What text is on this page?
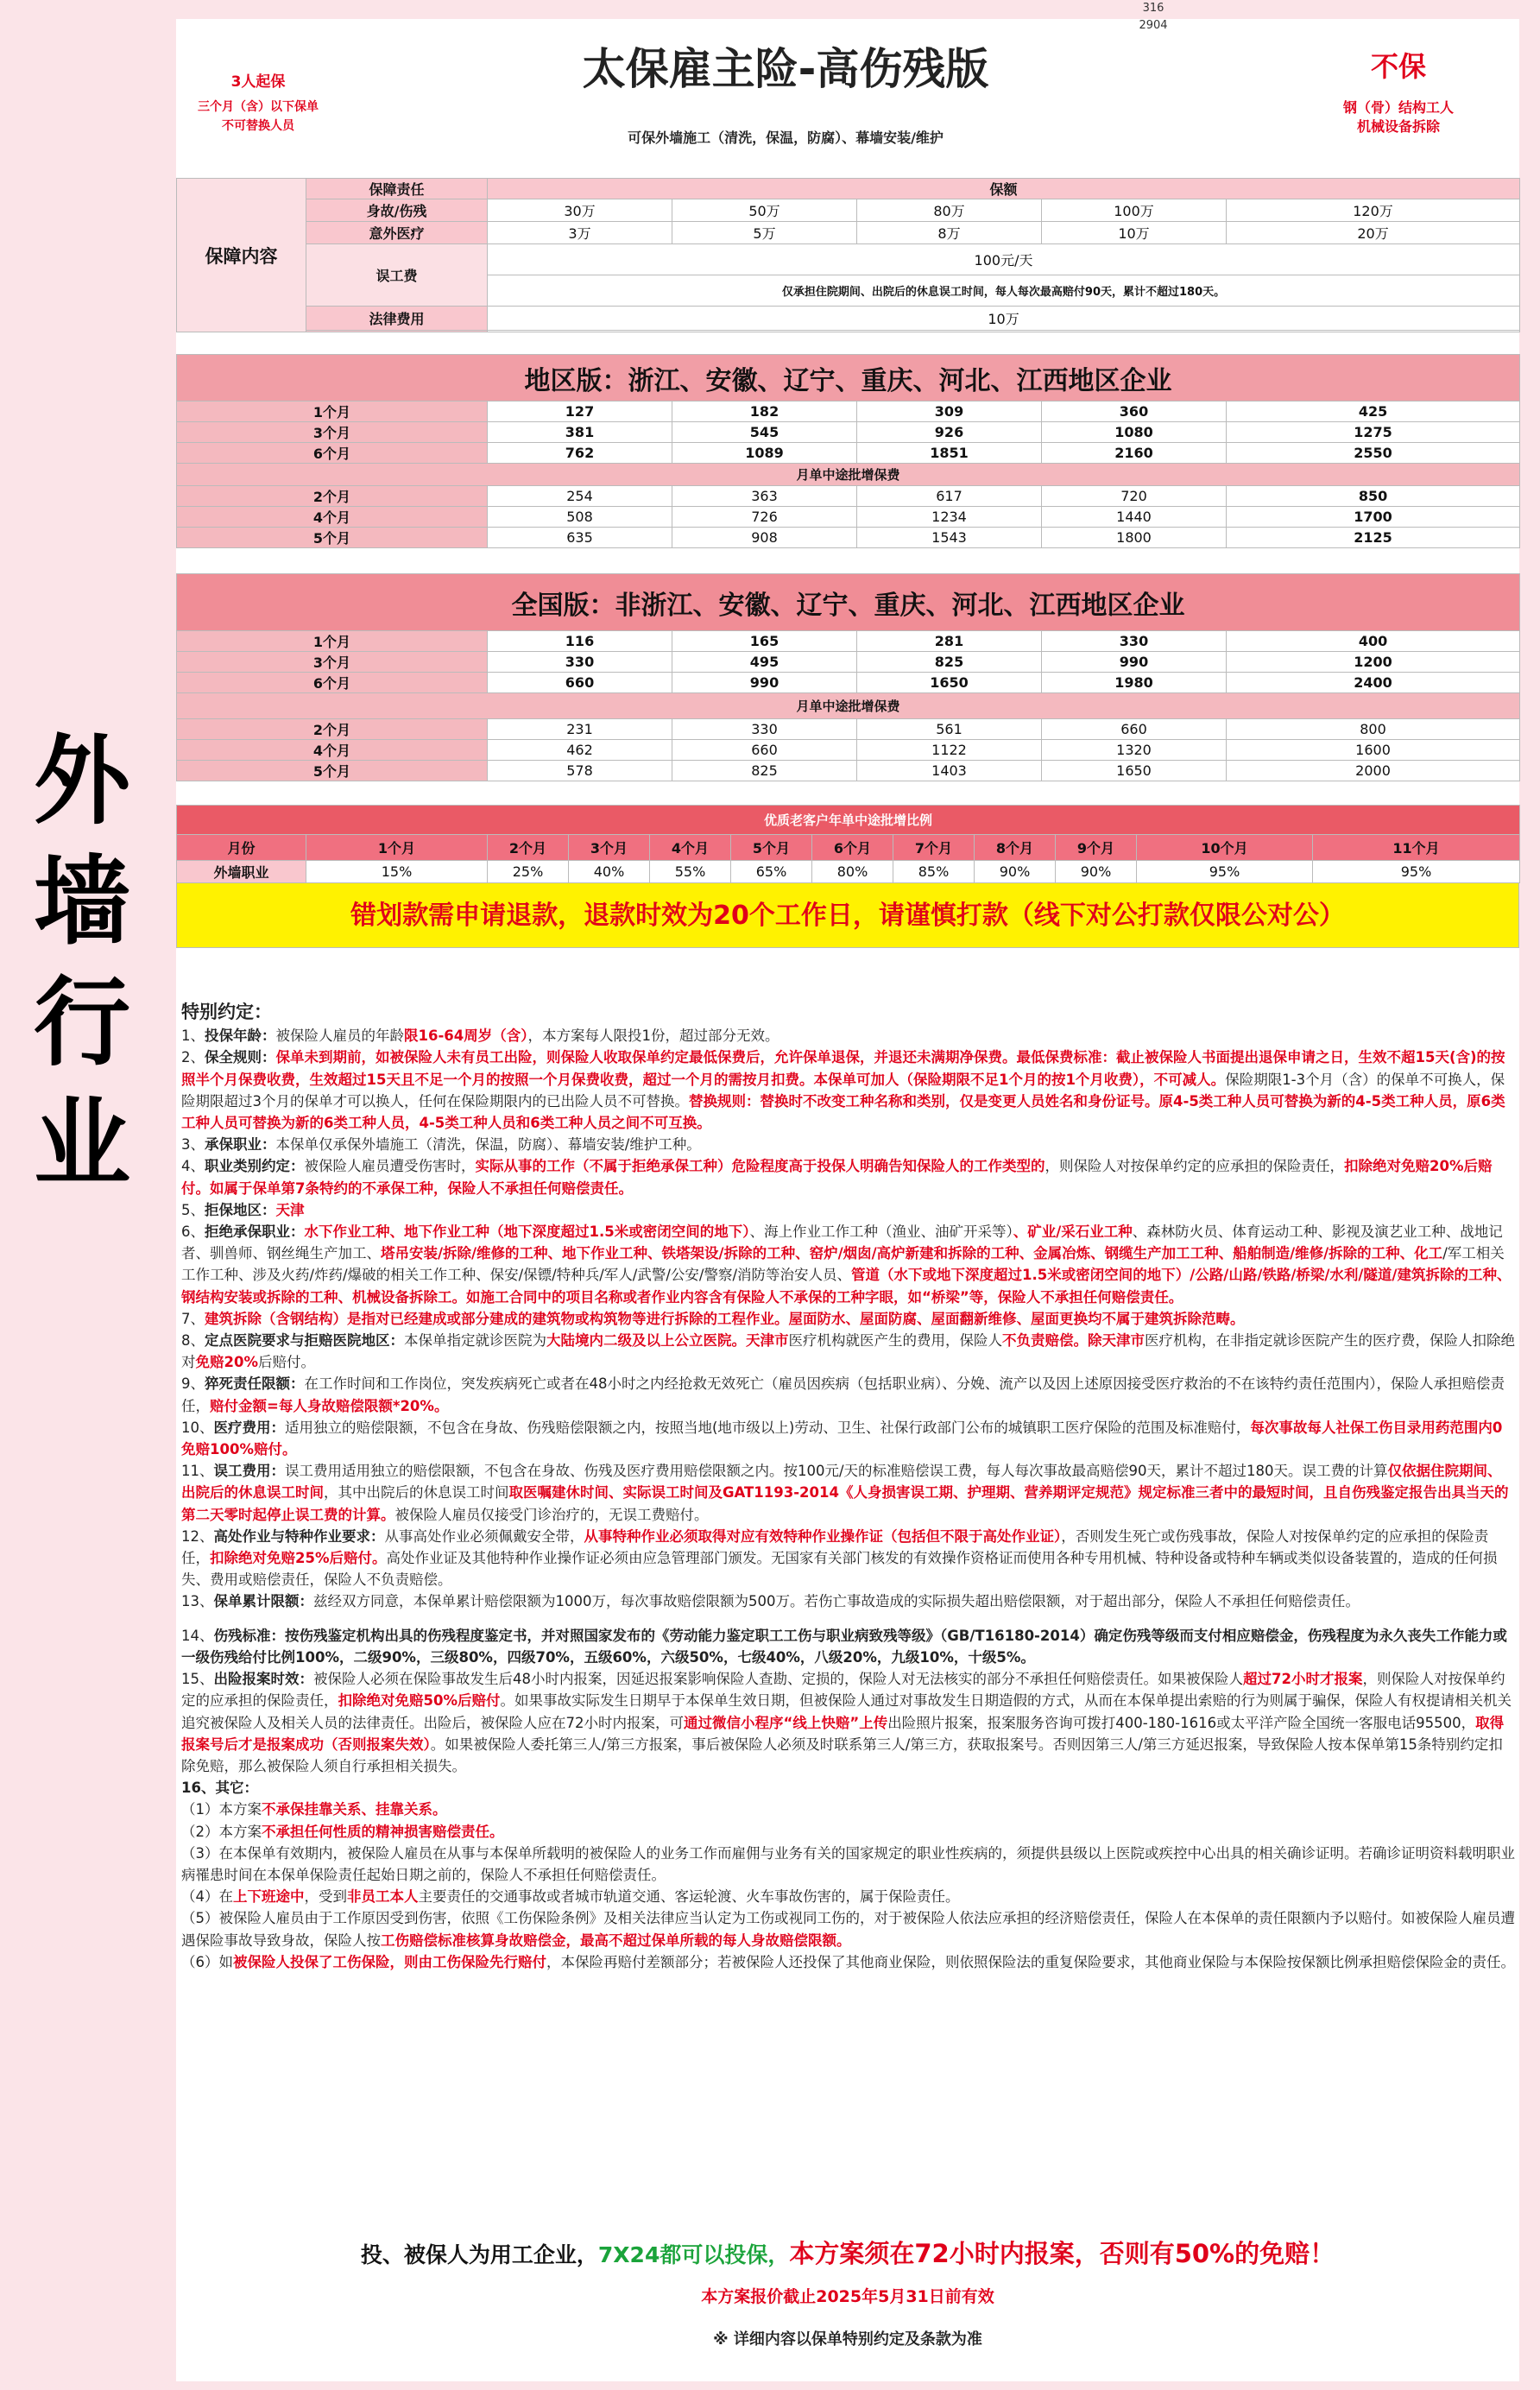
316
2904
3人起保
三个月（含）以下保单
不可替换人员
太保雇主险-高伤残版
可保外墙施工（清洗，保温，防腐）、幕墙安装/维护
不保
钢（骨）结构工人
机械设备拆除
外
墙
行
业
保障内容	保障责任	保额				
	身故/伤残	30万	50万	80万	100万	120万
	意外医疗	3万	5万	8万	10万	20万
	误工费	100元/天				
		仅承担住院期间、出院后的休息误工时间，每人每次最高赔付90天，累计不超过180天。				
	法律费用	10万				

地区版：浙江、安徽、辽宁、重庆、河北、江西地区企业					
1个月	127	182	309	360	425
3个月	381	545	926	1080	1275
6个月	762	1089	1851	2160	2550
月单中途批增保费					
2个月	254	363	617	720	850
4个月	508	726	1234	1440	1700
5个月	635	908	1543	1800	2125
全国版：非浙江、安徽、辽宁、重庆、河北、江西地区企业					
1个月	116	165	281	330	400
3个月	330	495	825	990	1200
6个月	660	990	1650	1980	2400
月单中途批增保费					
2个月	231	330	561	660	800
4个月	462	660	1122	1320	1600
5个月	578	825	1403	1650	2000
优质老客户年单中途批增比例											
月份	1个月	2个月	3个月	4个月	5个月	6个月	7个月	8个月	9个月	10个月	11个月
外墙职业	15%	25%	40%	55%	65%	80%	85%	90%	90%	95%	95%
错划款需申请退款，退款时效为20个工作日，请谨慎打款（线下对公打款仅限公对公）

特别约定：

1、投保年龄：被保险人雇员的年龄限16-64周岁（含），本方案每人限投1份，超过部分无效。

2、保全规则：保单未到期前，如被保险人未有员工出险，则保险人收取保单约定最低保费后，允许保单退保，并退还未满期净保费。最低保费标准：截止被保险人书面提出退保申请之日，生效不超15天(含)的按照半个月保费收费，生效超过15天且不足一个月的按照一个月保费收费，超过一个月的需按月扣费。本保单可加人（保险期限不足1个月的按1个月收费），不可减人。保险期限1-3个月（含）的保单不可换人，保险期限超过3个月的保单才可以换人，任何在保险期限内的已出险人员不可替换。替换规则：替换时不改变工种名称和类别，仅是变更人员姓名和身份证号。原4-5类工种人员可替换为新的4-5类工种人员，原6类工种人员可替换为新的6类工种人员，4-5类工种人员和6类工种人员之间不可互换。

3、承保职业：本保单仅承保外墙施工（清洗，保温，防腐）、幕墙安装/维护工种。

4、职业类别约定：被保险人雇员遭受伤害时，实际从事的工作（不属于拒绝承保工种）危险程度高于投保人明确告知保险人的工作类型的，则保险人对按保单约定的应承担的保险责任，扣除绝对免赔20%后赔付。如属于保单第7条特约的不承保工种，保险人不承担任何赔偿责任。

5、拒保地区：天津

6、拒绝承保职业：水下作业工种、地下作业工种（地下深度超过1.5米或密闭空间的地下）、海上作业工作工种（渔业、油矿开采等）、矿业/采石业工种、森林防火员、体育运动工种、影视及演艺业工种、战地记者、驯兽师、钢丝绳生产加工、塔吊安装/拆除/维修的工种、地下作业工种、铁塔架设/拆除的工种、窑炉/烟囱/高炉新建和拆除的工种、金属冶炼、钢缆生产加工工种、船舶制造/维修/拆除的工种、化工/军工相关工作工种、涉及火药/炸药/爆破的相关工作工种、保安/保镖/特种兵/军人/武警/公安/警察/消防等治安人员、管道（水下或地下深度超过1.5米或密闭空间的地下）/公路/山路/铁路/桥梁/水利/隧道/建筑拆除的工种、钢结构安装或拆除的工种、机械设备拆除工。如施工合同中的项目名称或者作业内容含有保险人不承保的工种字眼，如“桥梁”等，保险人不承担任何赔偿责任。

7、建筑拆除（含钢结构）是指对已经建成或部分建成的建筑物或构筑物等进行拆除的工程作业。屋面防水、屋面防腐、屋面翻新维修、屋面更换均不属于建筑拆除范畴。

8、定点医院要求与拒赔医院地区：本保单指定就诊医院为大陆境内二级及以上公立医院。天津市医疗机构就医产生的费用，保险人不负责赔偿。除天津市医疗机构，在非指定就诊医院产生的医疗费，保险人扣除绝对免赔20%后赔付。

9、猝死责任限额：在工作时间和工作岗位，突发疾病死亡或者在48小时之内经抢救无效死亡（雇员因疾病（包括职业病）、分娩、流产以及因上述原因接受医疗救治的不在该特约责任范围内），保险人承担赔偿责任，赔付金额=每人身故赔偿限额*20%。

10、医疗费用：适用独立的赔偿限额，不包含在身故、伤残赔偿限额之内，按照当地(地市级以上)劳动、卫生、社保行政部门公布的城镇职工医疗保险的范围及标准赔付，每次事故每人社保工伤目录用药范围内0免赔100%赔付。

11、误工费用：误工费用适用独立的赔偿限额，不包含在身故、伤残及医疗费用赔偿限额之内。按100元/天的标准赔偿误工费，每人每次事故最高赔偿90天，累计不超过180天。误工费的计算仅依据住院期间、出院后的休息误工时间，其中出院后的休息误工时间取医嘱建休时间、实际误工时间及GAT1193-2014《人身损害误工期、护理期、营养期评定规范》规定标准三者中的最短时间，且自伤残鉴定报告出具当天的第二天零时起停止误工费的计算。被保险人雇员仅接受门诊治疗的，无误工费赔付。

12、高处作业与特种作业要求：从事高处作业必须佩戴安全带，从事特种作业必须取得对应有效特种作业操作证（包括但不限于高处作业证），否则发生死亡或伤残事故，保险人对按保单约定的应承担的保险责任，扣除绝对免赔25%后赔付。高处作业证及其他特种作业操作证必须由应急管理部门颁发。无国家有关部门核发的有效操作资格证而使用各种专用机械、特种设备或特种车辆或类似设备装置的，造成的任何损失、费用或赔偿责任，保险人不负责赔偿。

13、保单累计限额：兹经双方同意，本保单累计赔偿限额为1000万，每次事故赔偿限额为500万。若伤亡事故造成的实际损失超出赔偿限额，对于超出部分，保险人不承担任何赔偿责任。

14、伤残标准：按伤残鉴定机构出具的伤残程度鉴定书，并对照国家发布的《劳动能力鉴定职工工伤与职业病致残等级》（GB/T16180-2014）确定伤残等级而支付相应赔偿金，伤残程度为永久丧失工作能力或一级伤残给付比例100%，二级90%，三级80%，四级70%，五级60%，六级50%，七级40%，八级20%，九级10%，十级5%。

15、出险报案时效：被保险人必须在保险事故发生后48小时内报案，因延迟报案影响保险人查勘、定损的，保险人对无法核实的部分不承担任何赔偿责任。如果被保险人超过72小时才报案，则保险人对按保单约定的应承担的保险责任，扣除绝对免赔50%后赔付。如果事故实际发生日期早于本保单生效日期，但被保险人通过对事故发生日期造假的方式，从而在本保单提出索赔的行为则属于骗保，保险人有权提请相关机关追究被保险人及相关人员的法律责任。出险后，被保险人应在72小时内报案，可通过微信小程序“线上快赔”上传出险照片报案，报案服务咨询可拨打400-180-1616或太平洋产险全国统一客服电话95500，取得报案号后才是报案成功（否则报案失效）。如果被保险人委托第三人/第三方报案，事后被保险人必须及时联系第三人/第三方，获取报案号。否则因第三人/第三方延迟报案，导致保险人按本保单第15条特别约定扣除免赔，那么被保险人须自行承担相关损失。

16、其它：

（1）本方案不承保挂靠关系、挂靠关系。

（2）本方案不承担任何性质的精神损害赔偿责任。

（3）在本保单有效期内，被保险人雇员在从事与本保单所载明的被保险人的业务工作而雇佣与业务有关的国家规定的职业性疾病的，须提供县级以上医院或疾控中心出具的相关确诊证明。若确诊证明资料载明职业病罹患时间在本保单保险责任起始日期之前的，保险人不承担任何赔偿责任。

（4）在上下班途中，受到非员工本人主要责任的交通事故或者城市轨道交通、客运轮渡、火车事故伤害的，属于保险责任。

（5）被保险人雇员由于工作原因受到伤害，依照《工伤保险条例》及相关法律应当认定为工伤或视同工伤的，对于被保险人依法应承担的经济赔偿责任，保险人在本保单的责任限额内予以赔付。如被保险人雇员遭遇保险事故导致身故，保险人按工伤赔偿标准核算身故赔偿金，最高不超过保单所载的每人身故赔偿限额。

（6）如被保险人投保了工伤保险，则由工伤保险先行赔付，本保险再赔付差额部分；若被保险人还投保了其他商业保险，则依照保险法的重复保险要求，其他商业保险与本保险按保额比例承担赔偿保险金的责任。

投、被保人为用工企业，7X24都可以投保，本方案须在72小时内报案，否则有50%的免赔！
本方案报价截止2025年5月31日前有效
※ 详细内容以保单特别约定及条款为准
